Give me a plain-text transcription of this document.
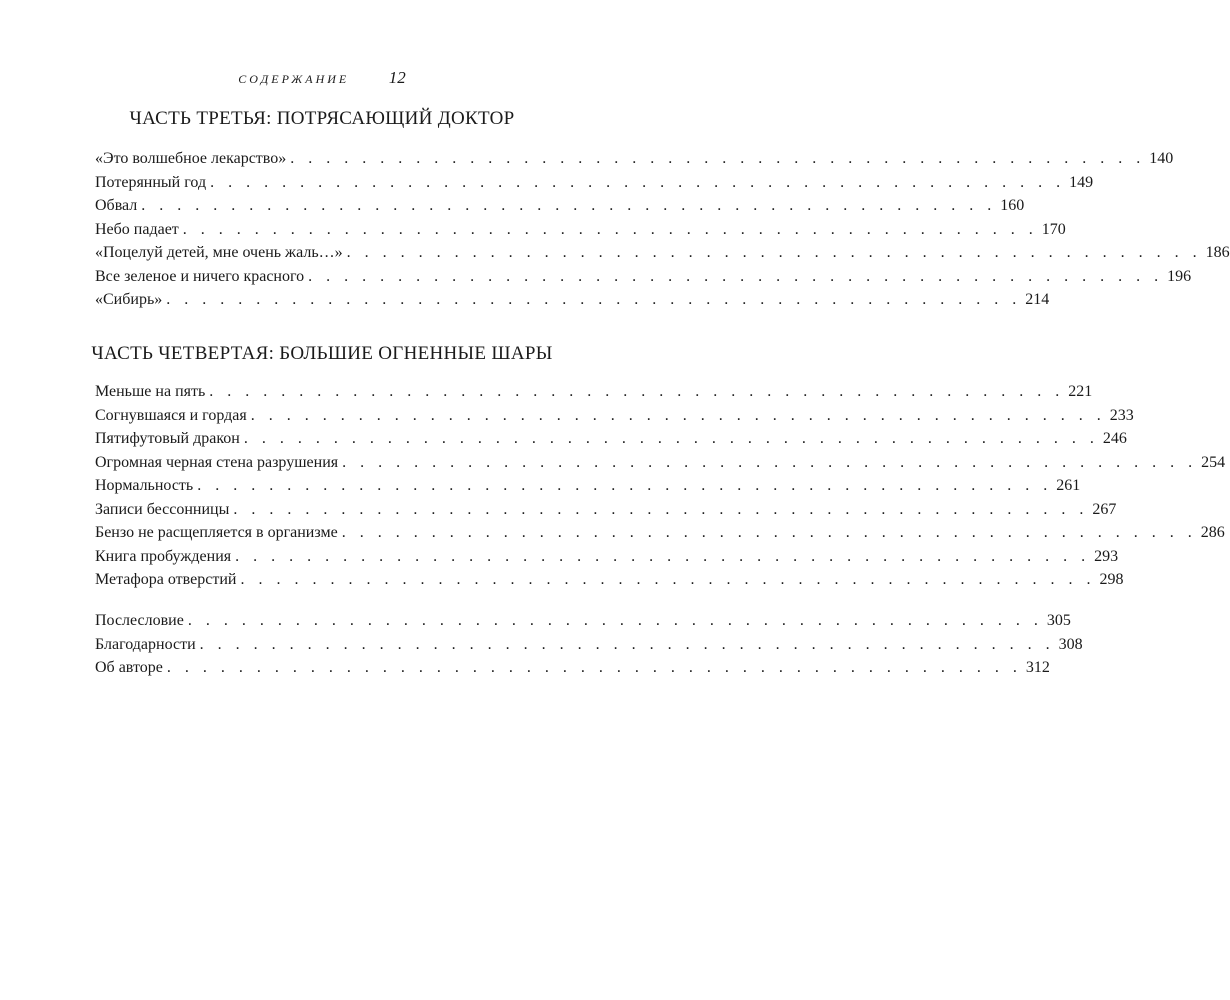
СОДЕРЖАНИЕ 12
ЧАСТЬ ТРЕТЬЯ: ПОТРЯСАЮЩИЙ ДОКТОР
«Это волшебное лекарство» . . . . . . . . . . . . . . . . . . . . . . . . . . . . . . . . . . . . . . . . . . . . . . . . 140
Потерянный год . . . . . . . . . . . . . . . . . . . . . . . . . . . . . . . . . . . . . . . . . . . . . . . . 149
Обвал . . . . . . . . . . . . . . . . . . . . . . . . . . . . . . . . . . . . . . . . . . . . . . . . 160
Небо падает . . . . . . . . . . . . . . . . . . . . . . . . . . . . . . . . . . . . . . . . . . . . . . . . 170
«Поцелуй детей, мне очень жаль…» . . . . . . . . . . . . . . . . . . . . . . . . . . . . . . . . . . . . . . . . . . . . . . . . 186
Все зеленое и ничего красного . . . . . . . . . . . . . . . . . . . . . . . . . . . . . . . . . . . . . . . . . . . . . . . . 196
«Сибирь» . . . . . . . . . . . . . . . . . . . . . . . . . . . . . . . . . . . . . . . . . . . . . . . . 214
ЧАСТЬ ЧЕТВЕРТАЯ: БОЛЬШИЕ ОГНЕННЫЕ ШАРЫ
Меньше на пять . . . . . . . . . . . . . . . . . . . . . . . . . . . . . . . . . . . . . . . . . . . . . . . . 221
Согнувшаяся и гордая . . . . . . . . . . . . . . . . . . . . . . . . . . . . . . . . . . . . . . . . . . . . . . . . 233
Пятифутовый дракон . . . . . . . . . . . . . . . . . . . . . . . . . . . . . . . . . . . . . . . . . . . . . . . . 246
Огромная черная стена разрушения . . . . . . . . . . . . . . . . . . . . . . . . . . . . . . . . . . . . . . . . . . . . . . . . 254
Нормальность . . . . . . . . . . . . . . . . . . . . . . . . . . . . . . . . . . . . . . . . . . . . . . . . 261
Записи бессонницы . . . . . . . . . . . . . . . . . . . . . . . . . . . . . . . . . . . . . . . . . . . . . . . . 267
Бензо не расщепляется в организме . . . . . . . . . . . . . . . . . . . . . . . . . . . . . . . . . . . . . . . . . . . . . . . . 286
Книга пробуждения . . . . . . . . . . . . . . . . . . . . . . . . . . . . . . . . . . . . . . . . . . . . . . . . 293
Метафора отверстий . . . . . . . . . . . . . . . . . . . . . . . . . . . . . . . . . . . . . . . . . . . . . . . . 298
Послесловие . . . . . . . . . . . . . . . . . . . . . . . . . . . . . . . . . . . . . . . . . . . . . . . . 305
Благодарности . . . . . . . . . . . . . . . . . . . . . . . . . . . . . . . . . . . . . . . . . . . . . . . . 308
Об авторе . . . . . . . . . . . . . . . . . . . . . . . . . . . . . . . . . . . . . . . . . . . . . . . . 312
